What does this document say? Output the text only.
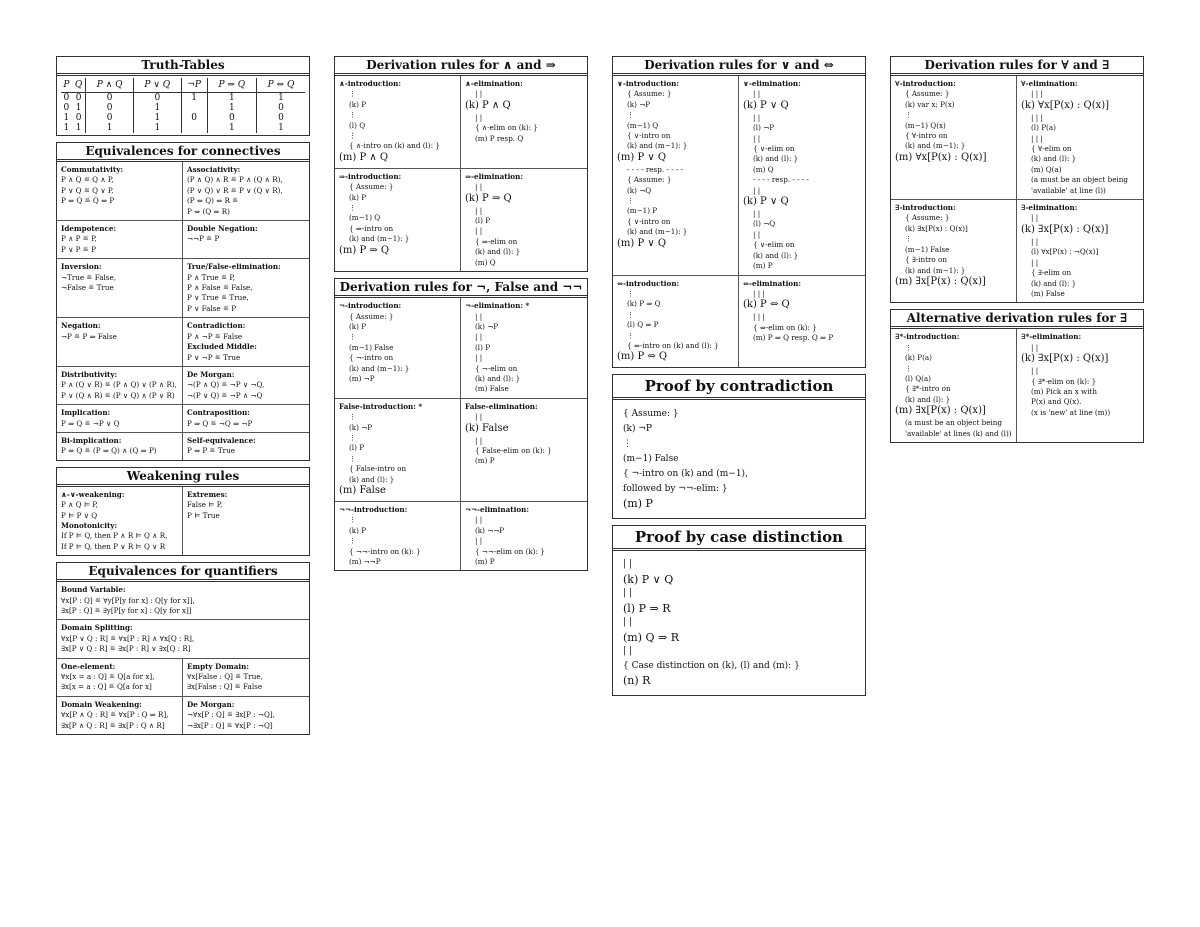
Truth-Tables
P	Q	P ∧ Q	P ∨ Q	¬P	P ⇒ Q	P ⇔ Q
0	0	0	0	1	1	1
0	1	0	1		1	0
1	0	0	1	0	0	0
1	1	1	1		1	1
Equivalences for connectives
Commutativity:
P ∧ Q ≝ Q ∧ P,
P ∨ Q ≝ Q ∨ P,
P ⇔ Q ≝ Q ⇔ P
Associativity:
(P ∧ Q) ∧ R ≝ P ∧ (Q ∧ R),
(P ∨ Q) ∨ R ≝ P ∨ (Q ∨ R),
(P ⇔ Q) ⇔ R ≝
P ⇔ (Q ⇔ R)
Idempotence:
P ∧ P ≝ P,
P ∨ P ≝ P
Double Negation:
¬¬P ≝ P
Inversion:
¬True ≝ False,
¬False ≝ True
True/False-elimination:
P ∧ True ≝ P,
P ∧ False ≝ False,
P ∨ True ≝ True,
P ∨ False ≝ P
Negation:
¬P ≝ P ⇒ False
Contradiction:
P ∧ ¬P ≝ False
Excluded Middle:
P ∨ ¬P ≝ True
Distributivity:
P ∧ (Q ∨ R) ≝ (P ∧ Q) ∨ (P ∧ R),
P ∨ (Q ∧ R) ≝ (P ∨ Q) ∧ (P ∨ R)
De Morgan:
¬(P ∧ Q) ≝ ¬P ∨ ¬Q,
¬(P ∨ Q) ≝ ¬P ∧ ¬Q
Implication:
P ⇒ Q ≝ ¬P ∨ Q
Contraposition:
P ⇒ Q ≝ ¬Q ⇒ ¬P
Bi-implication:
P ⇔ Q ≝ (P ⇒ Q) ∧ (Q ⇒ P)
Self-equivalence:
P ⇔ P ≝ True
Weakening rules
∧-∨-weakening:
P ∧ Q ⊨ P,
P ⊨ P ∨ Q
Monotonicity:
If P ⊨ Q, then P ∧ R ⊨ Q ∧ R,
If P ⊨ Q, then P ∨ R ⊨ Q ∨ R
Extremes:
False ⊨ P,
P ⊨ True
Equivalences for quantifiers
Bound Variable:
∀x[P : Q] ≝ ∀y[P[y for x] : Q[y for x]],
∃x[P : Q] ≝ ∃y[P[y for x] : Q[y for x]]
Domain Splitting:
∀x[P ∨ Q : R] ≝ ∀x[P : R] ∧ ∀x[Q : R],
∃x[P ∨ Q : R] ≝ ∃x[P : R] ∨ ∃x[Q : R]
One-element:
∀x[x = a : Q] ≝ Q[a for x],
∃x[x = a : Q] ≝ Q[a for x]
Empty Domain:
∀x[False : Q] ≝ True,
∃x[False : Q] ≝ False
Domain Weakening:
∀x[P ∧ Q : R] ≝ ∀x[P : Q ⇒ R],
∃x[P ∧ Q : R] ≝ ∃x[P : Q ∧ R]
De Morgan:
¬∀x[P : Q] ≝ ∃x[P : ¬Q],
¬∃x[P : Q] ≝ ∀x[P : ¬Q]
Derivation rules for ∧ and ⇒
∧-introduction:
⋮
(k) P
⋮
(l) Q
⋮
{ ∧-intro on (k) and (l): }
(m) P ∧ Q
∧-elimination:
| |
(k) P ∧ Q
| |
{ ∧-elim on (k): }
(m) P resp. Q
⇒-introduction:
{ Assume: }
(k) P
⋮
(m−1) Q
{ ⇒-intro on
(k) and (m−1): }
(m) P ⇒ Q
⇒-elimination:
| |
(k) P ⇒ Q
| |
(l) P
| |
{ ⇒-elim on
(k) and (l): }
(m) Q
Derivation rules for ¬, False and ¬¬
¬-introduction:
{ Assume: }
(k) P
⋮
(m−1) False
{ ¬-intro on
(k) and (m−1): }
(m) ¬P
¬-elimination: *
| |
(k) ¬P
| |
(l) P
| |
{ ¬-elim on
(k) and (l): }
(m) False
False-introduction: *
⋮
(k) ¬P
⋮
(l) P
⋮
{ False-intro on
(k) and (l): }
(m) False
False-elimination:
| |
(k) False
| |
{ False-elim on (k): }
(m) P
¬¬-introduction:
⋮
(k) P
⋮
{ ¬¬-intro on (k): }
(m) ¬¬P
¬¬-elimination:
| |
(k) ¬¬P
| |
{ ¬¬-elim on (k): }
(m) P
Derivation rules for ∨ and ⇔
∨-introduction:
{ Assume: }
(k) ¬P
⋮
(m−1) Q
{ ∨-intro on
(k) and (m−1): }
(m) P ∨ Q
- - - - resp. - - - -
{ Assume: }
(k) ¬Q
⋮
(m−1) P
{ ∨-intro on
(k) and (m−1): }
(m) P ∨ Q
∨-elimination:
| |
(k) P ∨ Q
| |
(l) ¬P
| |
{ ∨-elim on
(k) and (l): }
(m) Q
- - - - resp. - - - -
| |
(k) P ∨ Q
| |
(l) ¬Q
| |
{ ∨-elim on
(k) and (l): }
(m) P
⇔-introduction:
⋮
(k) P ⇒ Q
⋮
(l) Q ⇒ P
⋮
{ ⇔-intro on (k) and (l): }
(m) P ⇔ Q
⇔-elimination:
| | |
(k) P ⇔ Q
| | |
{ ⇔-elim on (k): }
(m) P ⇒ Q resp. Q ⇒ P
Proof by contradiction
{ Assume: }
(k) ¬P
⋮
(m−1) False
{ ¬-intro on (k) and (m−1),
followed by ¬¬-elim: }
(m) P
Proof by case distinction
| |
(k) P ∨ Q
| |
(l) P ⇒ R
| |
(m) Q ⇒ R
| |
{ Case distinction on (k), (l) and (m): }
(n) R
Derivation rules for ∀ and ∃
∀-introduction:
{ Assume: }
(k) var x; P(x)
⋮
(m−1) Q(x)
{ ∀-intro on
(k) and (m−1): }
(m) ∀x[P(x) : Q(x)]
∀-elimination:
| | |
(k) ∀x[P(x) : Q(x)]
| | |
(l) P(a)
| | |
{ ∀-elim on
(k) and (l): }
(m) Q(a)
(a must be an object being
'available' at line (l))
∃-introduction:
{ Assume: }
(k) ∃x[P(x) : Q(x)]
⋮
(m−1) False
{ ∃-intro on
(k) and (m−1): }
(m) ∃x[P(x) : Q(x)]
∃-elimination:
| |
(k) ∃x[P(x) : Q(x)]
| |
(l) ∀x[P(x) : ¬Q(x)]
| |
{ ∃-elim on
(k) and (l): }
(m) False
Alternative derivation rules for ∃
∃*-introduction:
⋮
(k) P(a)
⋮
(l) Q(a)
{ ∃*-intro on
(k) and (l): }
(m) ∃x[P(x) : Q(x)]
(a must be an object being
'available' at lines (k) and (l))
∃*-elimination:
| |
(k) ∃x[P(x) : Q(x)]
| |
{ ∃*-elim on (k): }
(m) Pick an x with
P(x) and Q(x).
(x is 'new' at line (m))
